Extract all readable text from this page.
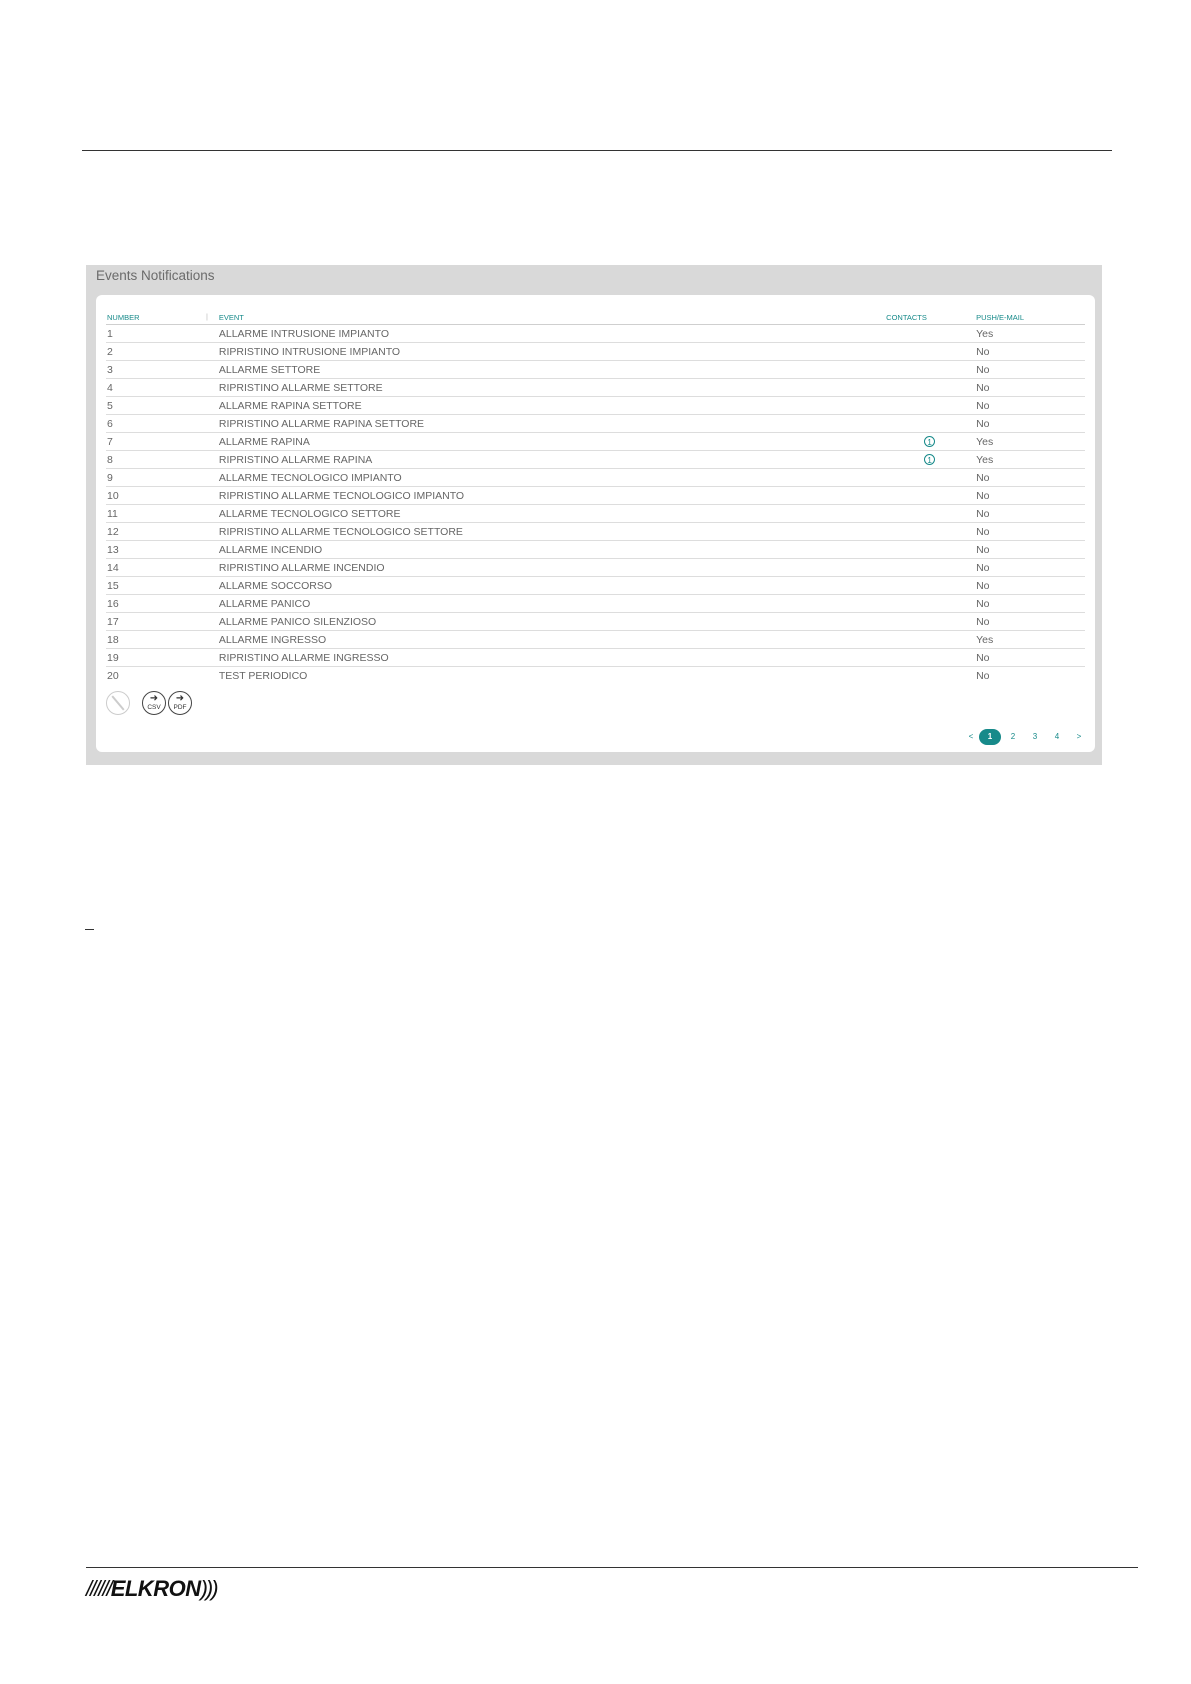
Events Notifications
NUMBER |	EVENT	CONTACTS	PUSH/E-MAIL
1	ALLARME INTRUSIONE IMPIANTO		Yes
2	RIPRISTINO INTRUSIONE IMPIANTO		No
3	ALLARME SETTORE		No
4	RIPRISTINO ALLARME SETTORE		No
5	ALLARME RAPINA SETTORE		No
6	RIPRISTINO ALLARME RAPINA SETTORE		No
7	ALLARME RAPINA	1	Yes
8	RIPRISTINO ALLARME RAPINA	1	Yes
9	ALLARME TECNOLOGICO IMPIANTO		No
10	RIPRISTINO ALLARME TECNOLOGICO IMPIANTO		No
11	ALLARME TECNOLOGICO SETTORE		No
12	RIPRISTINO ALLARME TECNOLOGICO SETTORE		No
13	ALLARME INCENDIO		No
14	RIPRISTINO ALLARME INCENDIO		No
15	ALLARME SOCCORSO		No
16	ALLARME PANICO		No
17	ALLARME PANICO SILENZIOSO		No
18	ALLARME INGRESSO		Yes
19	RIPRISTINO ALLARME INGRESSO		No
20	TEST PERIODICO		No
➜
CSV
➜
PDF
<	1	2	3	4	>
//////ELKRON)))
